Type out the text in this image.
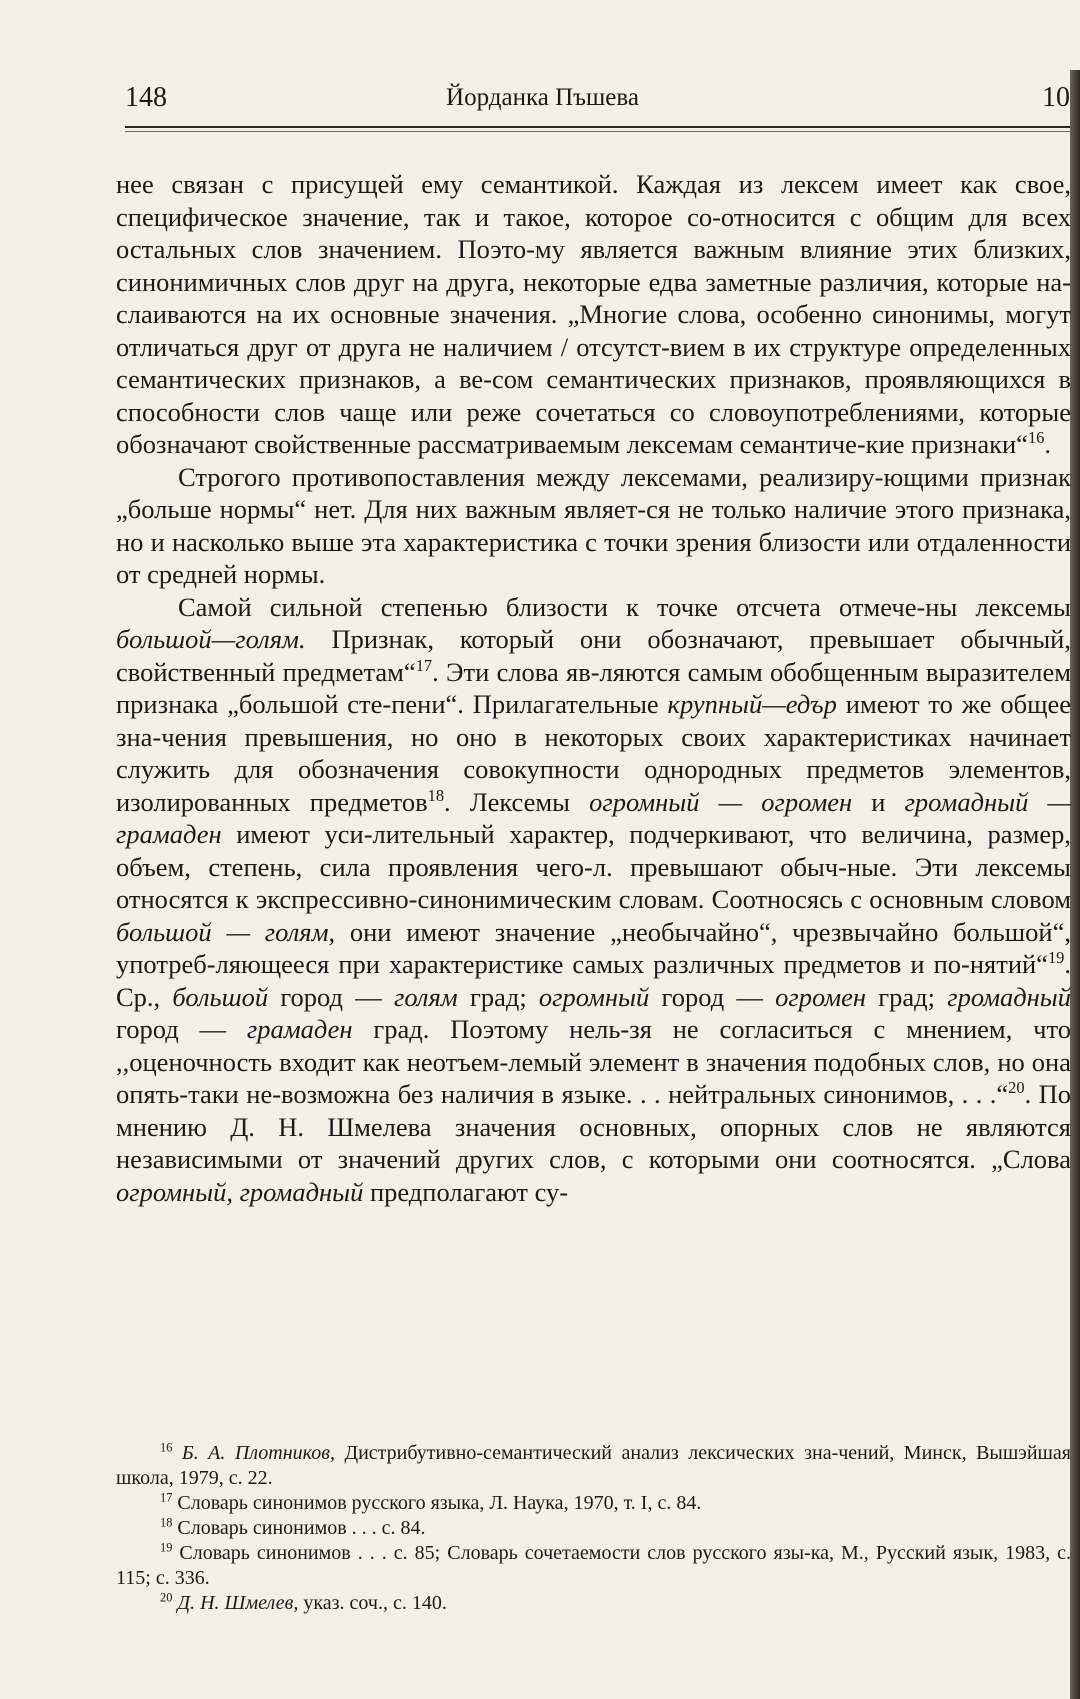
148	Йорданка Пъшева	10

нее связан с присущей ему семантикой. Каждая из лексем имеет как свое, специфическое значение, так и такое, которое со-относится с общим для всех остальных слов значением. Поэто-му является важным влияние этих близких, синонимичных слов друг на друга, некоторые едва заметные различия, которые на-слаиваются на их основные значения. „Многие слова, особенно синонимы, могут отличаться друг от друга не наличием / отсутст-вием в их структуре определенных семантических признаков, а ве-сом семантических признаков, проявляющихся в способности слов чаще или реже сочетаться со словоупотреблениями, которые обозначают свойственные рассматриваемым лексемам семантиче-кие признаки“$^{16}$.

Строгого противопоставления между лексемами, реализиру-ющими признак „больше нормы“ нет. Для них важным являет-ся не только наличие этого признака, но и насколько выше эта характеристика с точки зрения близости или отдаленности от средней нормы.

Самой сильной степенью близости к точке отсчета отмече-ны лексемы большой—голям. Признак, который они обозначают, превышает обычный, свойственный предметам“$^{17}$. Эти слова яв-ляются самым обобщенным выразителем признака „большой сте-пени“. Прилагательные крупный—едър имеют то же общее зна-чения превышения, но оно в некоторых своих характеристиках начинает служить для обозначения совокупности однородных предметов элементов, изолированных предметов$^{18}$. Лексемы огромный — огромен и громадный — грамаден имеют уси-лительный характер, подчеркивают, что величина, размер, объем, степень, сила проявления чего-л. превышают обыч-ные. Эти лексемы относятся к экспрессивно-синонимическим словам. Соотносясь с основным словом большой — голям, они имеют значение „необычайно“, чрезвычайно большой“, употреб-ляющееся при характеристике самых различных предметов и по-нятий“$^{19}$. Ср., большой город — голям град; огромный город — огромен град; громадный город — грамаден град. Поэтому нель-зя не согласиться с мнением, что ,,оценочность входит как неотъем-лемый элемент в значения подобных слов, но она опять-таки не-возможна без наличия в языке. . . нейтральных синонимов, . . .“$^{20}$. По мнению Д. Н. Шмелева значения основных, опорных слов не являются независимыми от значений других слов, с которыми они соотносятся. „Слова огромный, громадный предполагают су-

$^{16}$ Б. А. Плотников, Дистрибутивно-семантический анализ лексических зна-чений, Минск, Вышэйшая школа, 1979, с. 22.

$^{17}$ Словарь синонимов русского языка, Л. Наука, 1970, т. I, с. 84.

$^{18}$ Словарь синонимов . . . с. 84.

$^{19}$ Словарь синонимов . . . с. 85; Словарь сочетаемости слов русского язы-ка, М., Русский язык, 1983, с. 115; с. 336.

$^{20}$ Д. Н. Шмелев, указ. соч., с. 140.
